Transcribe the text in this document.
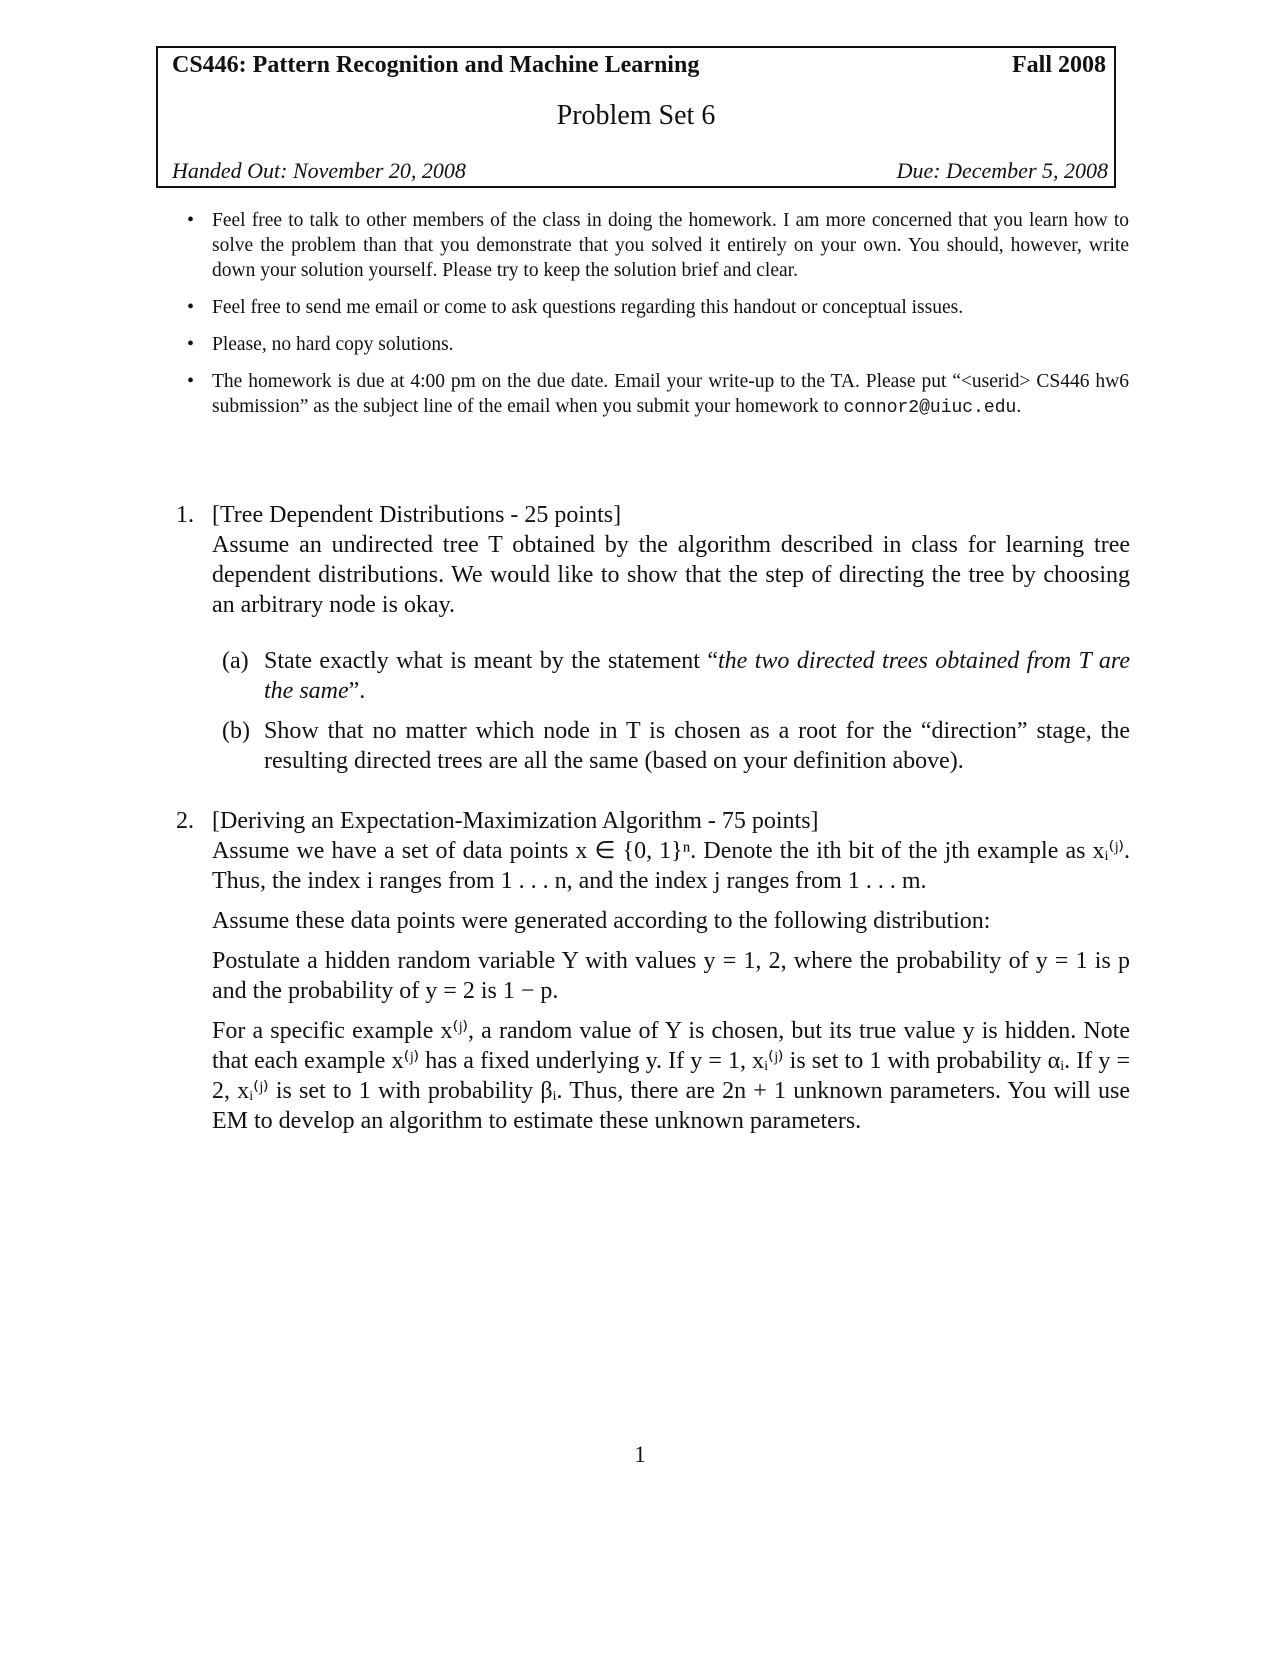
CS446: Pattern Recognition and Machine Learning	Fall 2008
Problem Set 6
Handed Out: November 20, 2008	Due: December 5, 2008
• Feel free to talk to other members of the class in doing the homework. I am more concerned that you learn how to solve the problem than that you demonstrate that you solved it entirely on your own. You should, however, write down your solution yourself. Please try to keep the solution brief and clear.
• Feel free to send me email or come to ask questions regarding this handout or conceptual issues.
• Please, no hard copy solutions.
• The homework is due at 4:00 pm on the due date. Email your write-up to the TA. Please put “<userid> CS446 hw6 submission” as the subject line of the email when you submit your homework to connor2@uiuc.edu.
1. [Tree Dependent Distributions - 25 points]
Assume an undirected tree T obtained by the algorithm described in class for learning tree dependent distributions. We would like to show that the step of directing the tree by choosing an arbitrary node is okay.
(a) State exactly what is meant by the statement “the two directed trees obtained from T are the same”.
(b) Show that no matter which node in T is chosen as a root for the “direction” stage, the resulting directed trees are all the same (based on your definition above).
2. [Deriving an Expectation-Maximization Algorithm - 75 points]
Assume we have a set of data points x ∈ {0, 1}ⁿ. Denote the ith bit of the jth example as xᵢ⁽ʲ⁾. Thus, the index i ranges from 1 . . . n, and the index j ranges from 1 . . . m.
Assume these data points were generated according to the following distribution:
Postulate a hidden random variable Y with values y = 1, 2, where the probability of y = 1 is p and the probability of y = 2 is 1 − p.
For a specific example x⁽ʲ⁾, a random value of Y is chosen, but its true value y is hidden. Note that each example x⁽ʲ⁾ has a fixed underlying y. If y = 1, xᵢ⁽ʲ⁾ is set to 1 with probability αᵢ. If y = 2, xᵢ⁽ʲ⁾ is set to 1 with probability βᵢ. Thus, there are 2n + 1 unknown parameters. You will use EM to develop an algorithm to estimate these unknown parameters.
1
